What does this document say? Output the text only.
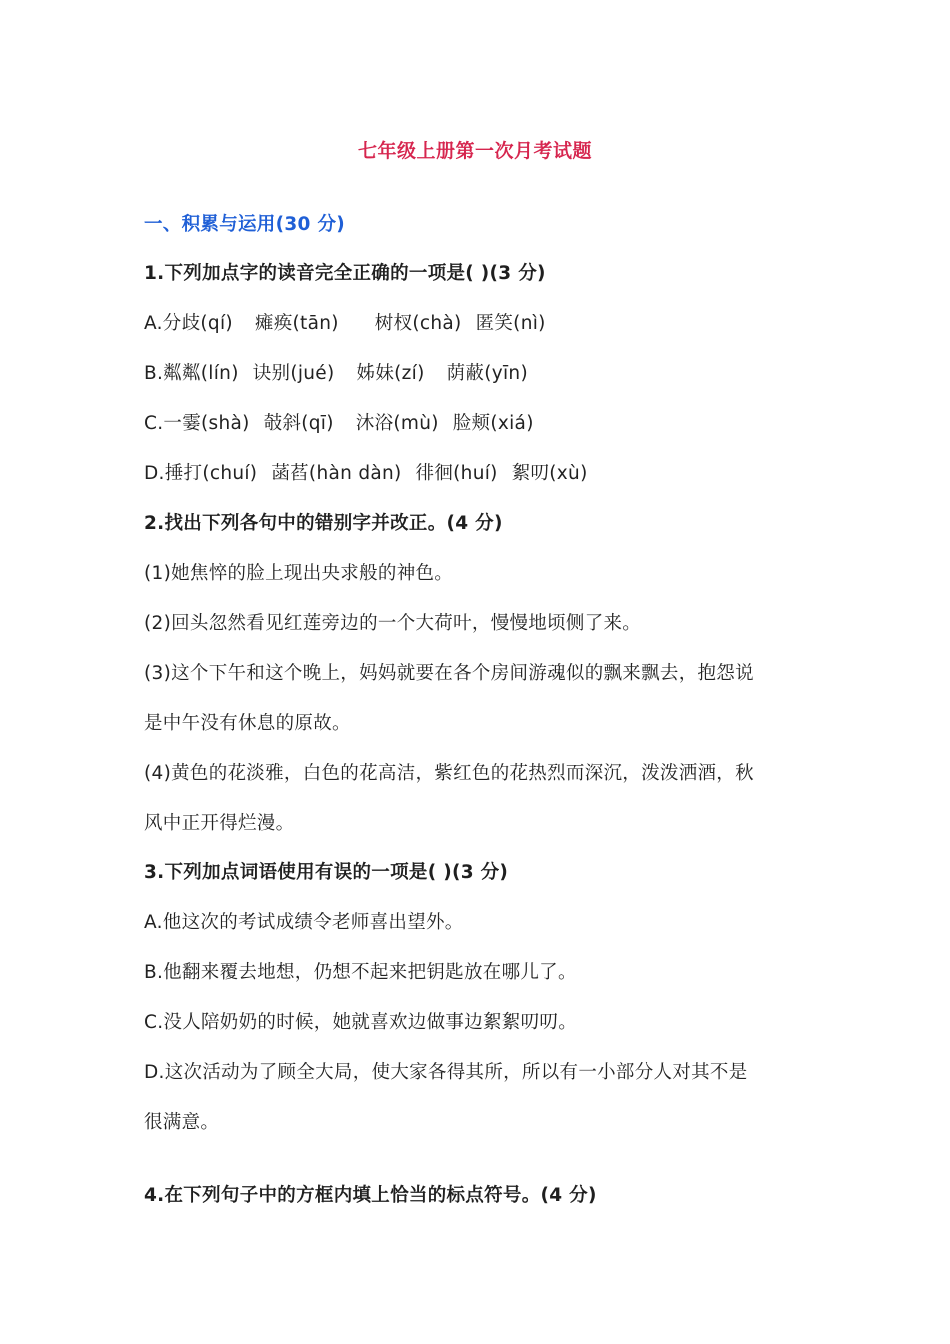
七年级上册第一次月考试题
一、积累与运用(30 分)
1.下列加点字的读音完全正确的一项是( )(3 分)
A.分歧(qí) 瘫痪(tān) 树杈(chà) 匿笑(nì)
B.粼粼(lín) 诀别(jué) 姊妹(zí) 荫蔽(yīn)
C.一霎(shà) 攲斜(qī) 沐浴(mù) 脸颊(xiá)
D.捶打(chuí) 菡萏(hàn dàn) 徘徊(huí) 絮叨(xù)
2.找出下列各句中的错别字并改正。(4 分)
(1)她焦悴的脸上现出央求般的神色。
(2)回头忽然看见红莲旁边的一个大荷叶，慢慢地顷侧了来。
(3)这个下午和这个晚上，妈妈就要在各个房间游魂似的飘来飘去，抱怨说
是中午没有休息的原故。
(4)黄色的花淡雅，白色的花高洁，紫红色的花热烈而深沉，泼泼洒酒，秋
风中正开得烂漫。
3.下列加点词语使用有误的一项是( )(3 分)
A.他这次的考试成绩令老师喜出望外。
B.他翻来覆去地想，仍想不起来把钥匙放在哪儿了。
C.没人陪奶奶的时候，她就喜欢边做事边絮絮叨叨。
D.这次活动为了顾全大局，使大家各得其所，所以有一小部分人对其不是
很满意。
4.在下列句子中的方框内填上恰当的标点符号。(4 分)
